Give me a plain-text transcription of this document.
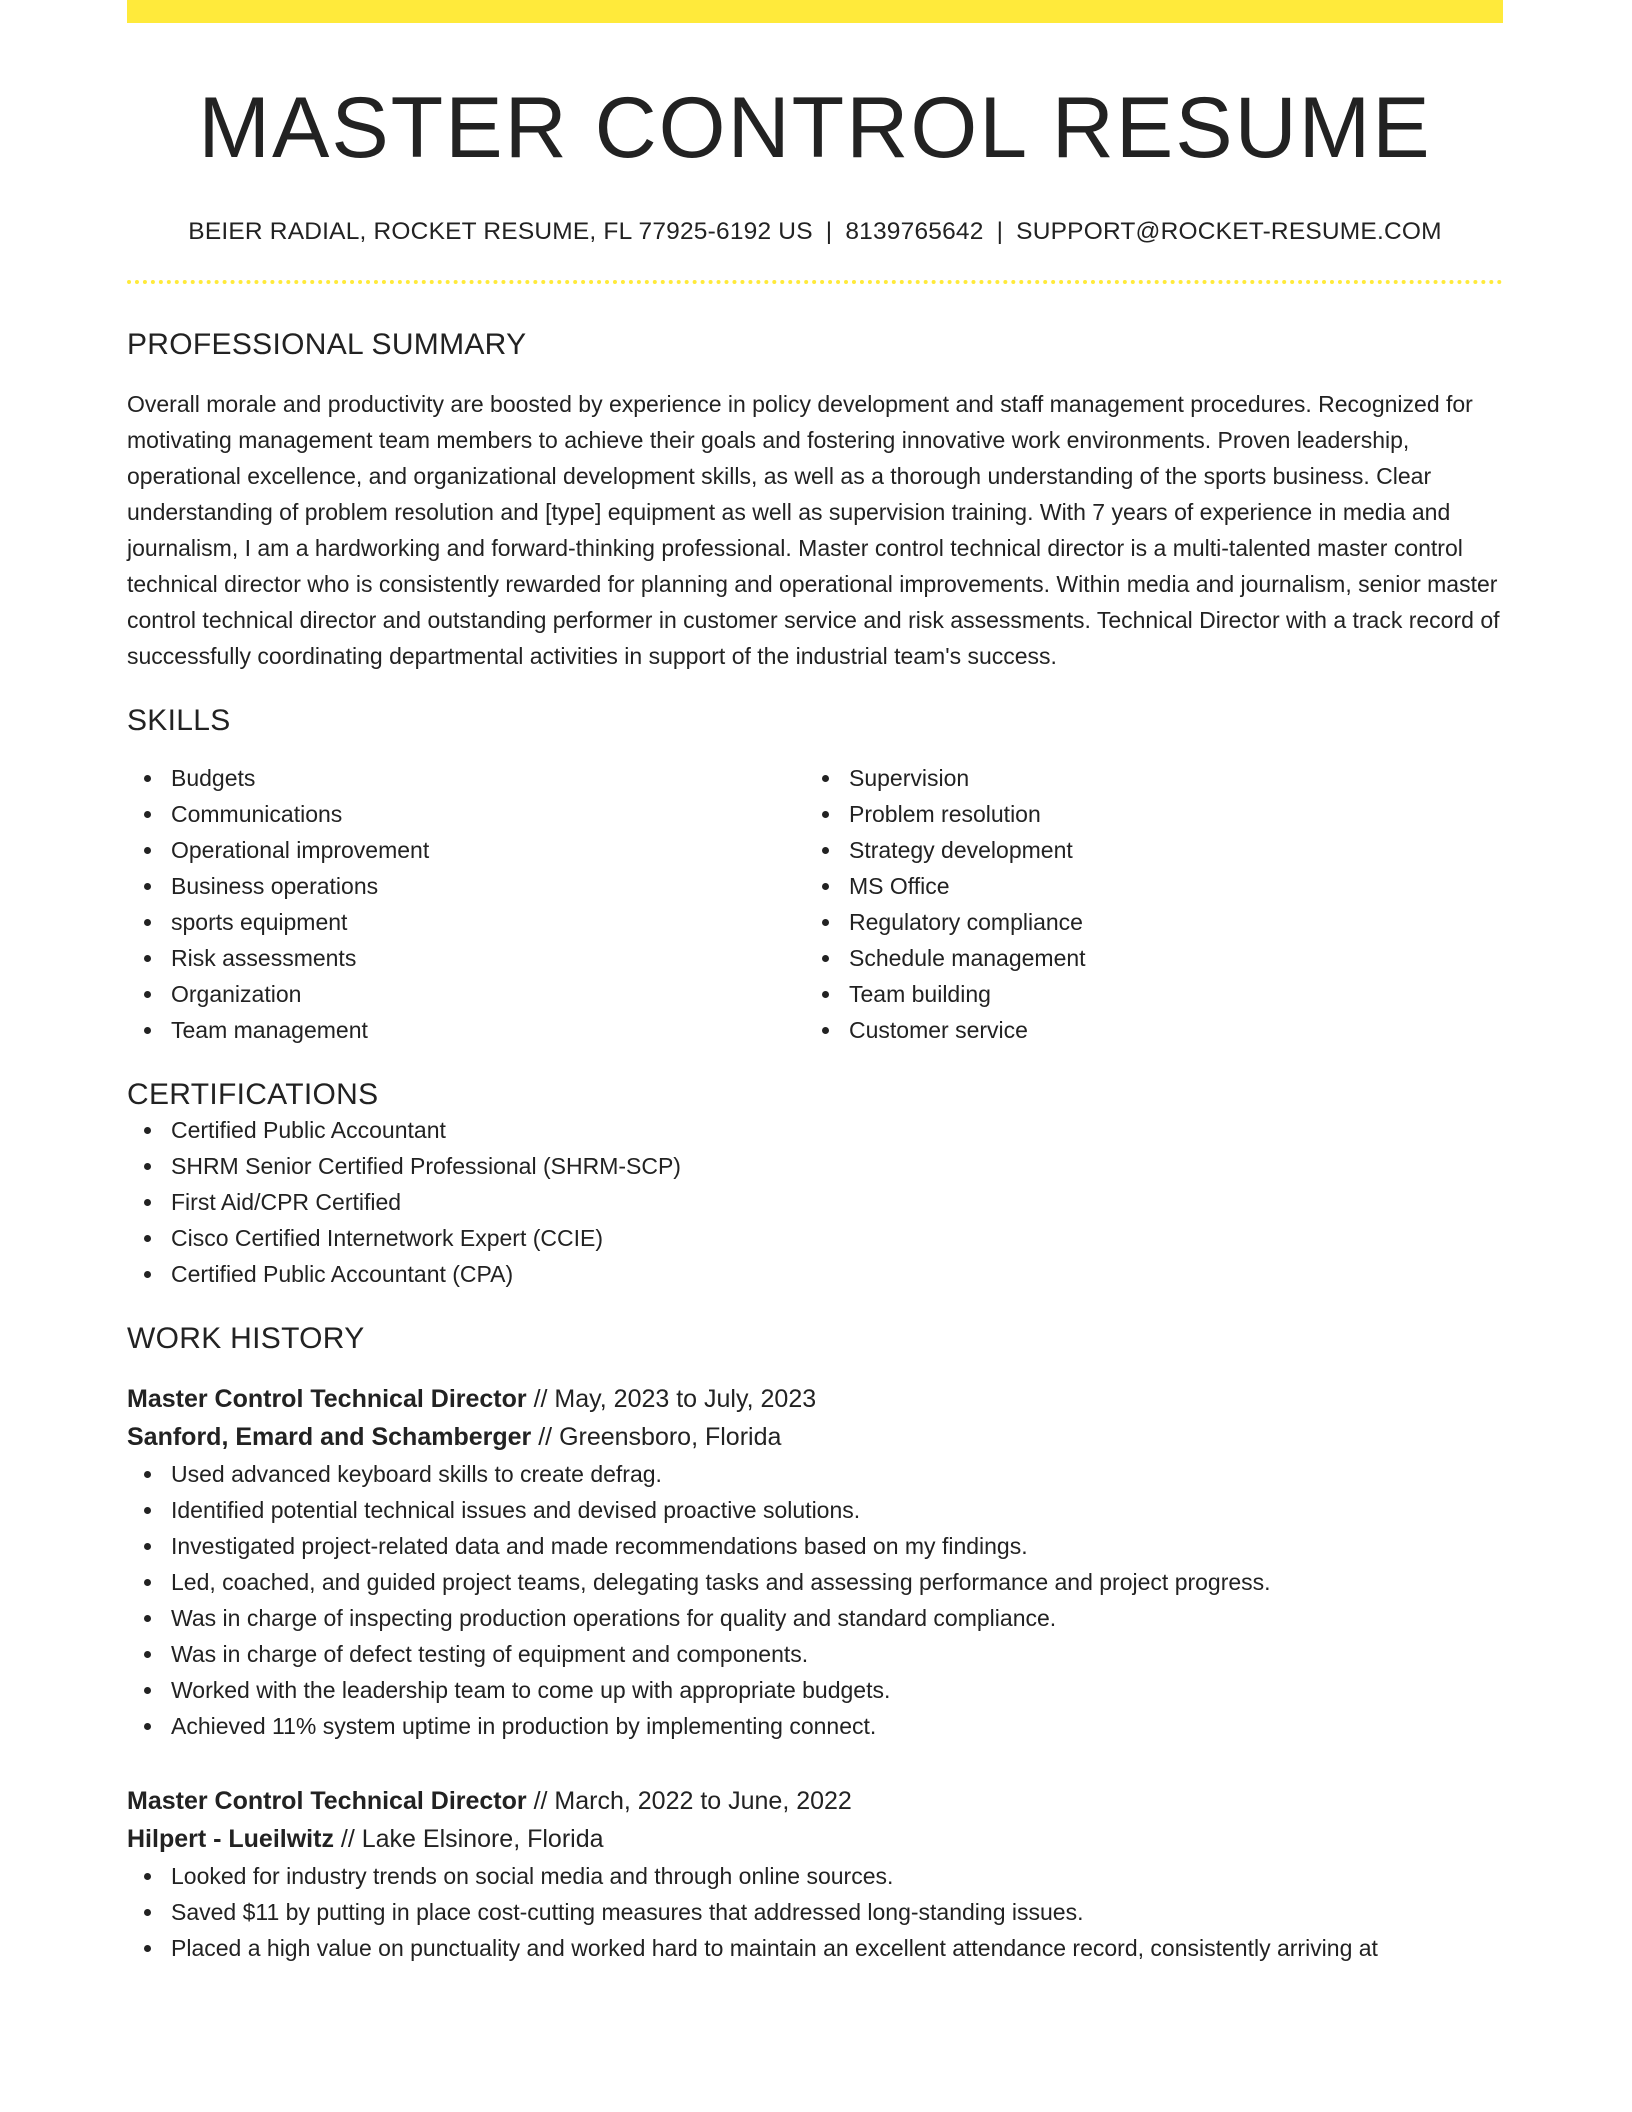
MASTER CONTROL RESUME
BEIER RADIAL, ROCKET RESUME, FL 77925-6192 US | 8139765642 | SUPPORT@ROCKET-RESUME.COM
PROFESSIONAL SUMMARY

Overall morale and productivity are boosted by experience in policy development and staff management procedures. Recognized for motivating management team members to achieve their goals and fostering innovative work environments. Proven leadership, operational excellence, and organizational development skills, as well as a thorough understanding of the sports business. Clear understanding of problem resolution and [type] equipment as well as supervision training. With 7 years of experience in media and journalism, I am a hardworking and forward-thinking professional. Master control technical director is a multi-talented master control technical director who is consistently rewarded for planning and operational improvements. Within media and journalism, senior master control technical director and outstanding performer in customer service and risk assessments. Technical Director with a track record of successfully coordinating departmental activities in support of the industrial team's success.

SKILLS
Budgets
Communications
Operational improvement
Business operations
sports equipment
Risk assessments
Organization
Team management
Supervision
Problem resolution
Strategy development
MS Office
Regulatory compliance
Schedule management
Team building
Customer service
CERTIFICATIONS
Certified Public Accountant
SHRM Senior Certified Professional (SHRM-SCP)
First Aid/CPR Certified
Cisco Certified Internetwork Expert (CCIE)
Certified Public Accountant (CPA)
WORK HISTORY
Master Control Technical Director // May, 2023 to July, 2023
Sanford, Emard and Schamberger // Greensboro, Florida
Used advanced keyboard skills to create defrag.
Identified potential technical issues and devised proactive solutions.
Investigated project-related data and made recommendations based on my findings.
Led, coached, and guided project teams, delegating tasks and assessing performance and project progress.
Was in charge of inspecting production operations for quality and standard compliance.
Was in charge of defect testing of equipment and components.
Worked with the leadership team to come up with appropriate budgets.
Achieved 11% system uptime in production by implementing connect.
Master Control Technical Director // March, 2022 to June, 2022
Hilpert - Lueilwitz // Lake Elsinore, Florida
Looked for industry trends on social media and through online sources.
Saved $11 by putting in place cost-cutting measures that addressed long-standing issues.
Placed a high value on punctuality and worked hard to maintain an excellent attendance record, consistently arriving at
